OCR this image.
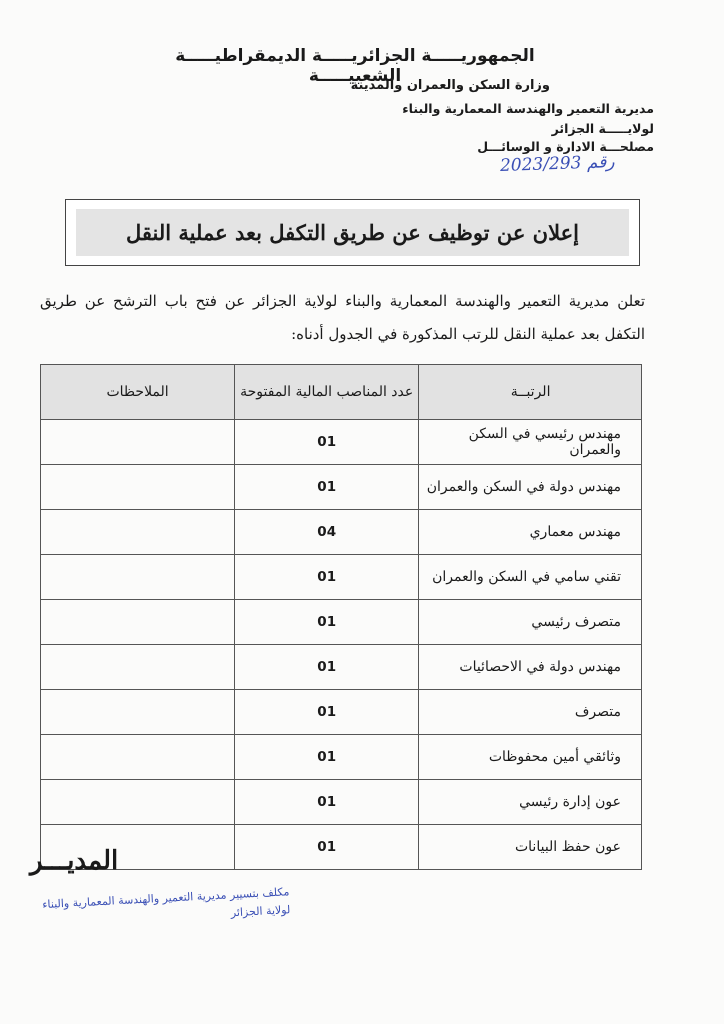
الجمهوريـــــة الجزائريـــــة الديمقراطيـــــة الشعبيـــــة
وزارة السكن والعمران والمدينة
مديرية التعمير والهندسة المعمارية والبناء
لولايـــــة الجزائر
مصلحـــة الادارة و الوسائـــل
رقم 2023/293
إعلان عن توظيف عن طريق التكفل بعد عملية النقل
تعلن مديرية التعمير والهندسة المعمارية والبناء لولاية الجزائر عن فتح باب الترشح عن طريق التكفل بعد عملية النقل للرتب المذكورة في الجدول أدناه:
الرتبــة	عدد المناصب المالية المفتوحة	الملاحظات
مهندس رئيسي في السكن والعمران	01	
مهندس دولة في السكن والعمران	01	
مهندس معماري	04	
تقني سامي في السكن والعمران	01	
متصرف رئيسي	01	
مهندس دولة في الاحصائيات	01	
متصرف	01	
وثائقي أمين محفوظات	01	
عون إدارة رئيسي	01	
عون حفظ البيانات	01	
المديـــر
مكلف بتسيير مديرية التعمير والهندسة المعمارية والبناء لولاية الجزائر
